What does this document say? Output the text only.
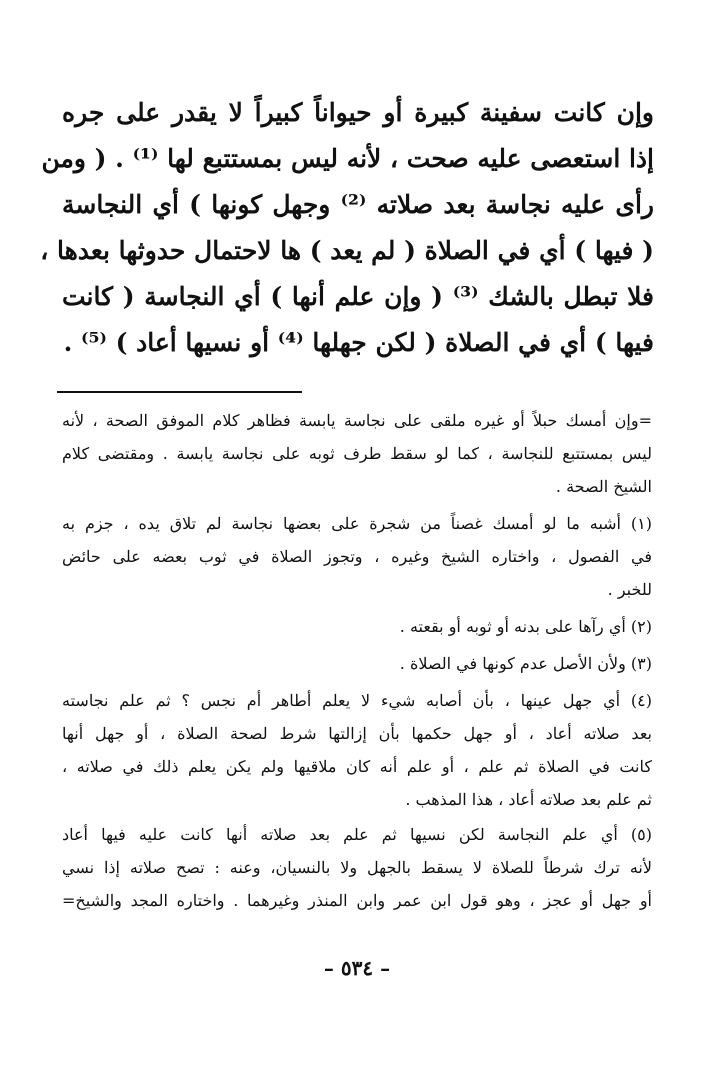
وإن كانت سفينة كبيرة أو حيواناً كبيراً لا يقدر على جره
إذا استعصى عليه صحت ، لأنه ليس بمستتبع لها ⁽¹⁾ . ( ومن
رأى عليه نجاسة بعد صلاته ⁽²⁾ وجهل كونها ) أي النجاسة
( فيها ) أي في الصلاة ( لم يعد ) ها لاحتمال حدوثها بعدها ،
فلا تبطل بالشك ⁽³⁾ ( وإن علم أنها ) أي النجاسة ( كانت
فيها ) أي في الصلاة ( لكن جهلها ⁽⁴⁾ أو نسيها أعاد ) ⁽⁵⁾ .
=وإن أمسك حبلاً أو غيره ملقى على نجاسة يابسة فظاهر كلام الموفق الصحة ، لأنه
ليس بمستتبع للنجاسة ، كما لو سقط طرف ثوبه على نجاسة يابسة . ومقتضى كلام
الشيخ الصحة .
(١) أشبه ما لو أمسك غصناً من شجرة على بعضها نجاسة لم تلاق يده ، جزم به
في الفصول ، واختاره الشيخ وغيره ، وتجوز الصلاة في ثوب بعضه على حائض
للخبر .
(٢) أي رآها على بدنه أو ثوبه أو بقعته .
(٣) ولأن الأصل عدم كونها في الصلاة .
(٤) أي جهل عينها ، بأن أصابه شيء لا يعلم أطاهر أم نجس ؟ ثم علم نجاسته
بعد صلاته أعاد ، أو جهل حكمها بأن إزالتها شرط لصحة الصلاة ، أو جهل أنها
كانت في الصلاة ثم علم ، أو علم أنه كان ملاقيها ولم يكن يعلم ذلك في صلاته ،
ثم علم بعد صلاته أعاد ، هذا المذهب .
(٥) أي علم النجاسة لكن نسيها ثم علم بعد صلاته أنها كانت عليه فيها أعاد
لأنه ترك شرطاً للصلاة لا يسقط بالجهل ولا بالنسيان، وعنه : تصح صلاته إذا نسي
أو جهل أو عجز ، وهو قول ابن عمر وابن المنذر وغيرهما . واختاره المجد والشيخ=
– ٥٣٤ –
